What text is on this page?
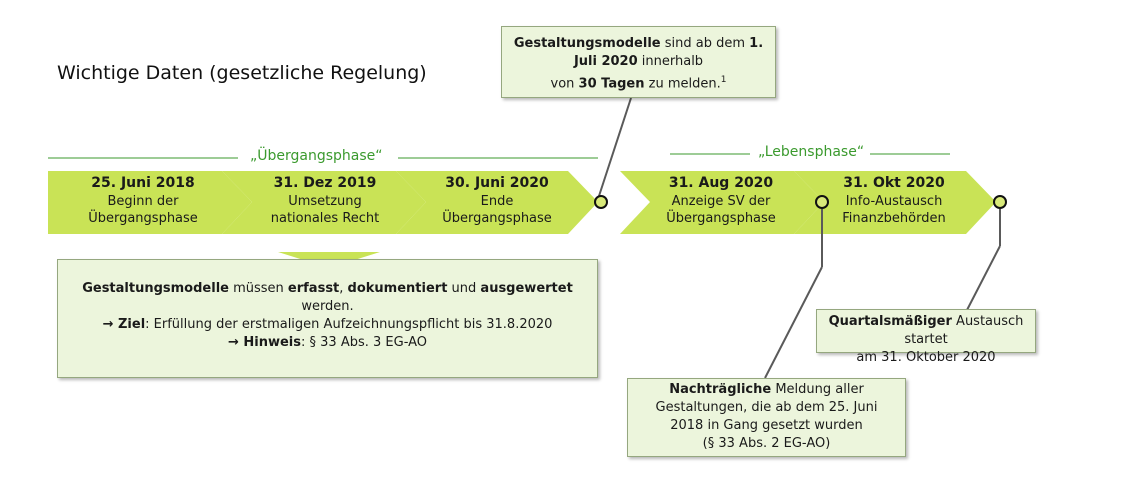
Wichtige Daten (gesetzliche Regelung)
„Übergangsphase“	„Lebensphase“
25. Juni 2018
Beginn der
Übergangsphase
31. Dez 2019
Umsetzung
nationales Recht
30. Juni 2020
Ende
Übergangsphase
31. Aug 2020
Anzeige SV der
Übergangsphase
31. Okt 2020
Info-Austausch
Finanzbehörden
Gestaltungsmodelle sind ab dem 1. Juli 2020 innerhalb
von 30 Tagen zu melden.$^1$
Gestaltungsmodelle müssen erfasst, dokumentiert und ausgewertet
werden.
→ Ziel: Erfüllung der erstmaligen Aufzeichnungspflicht bis 31.8.2020
→ Hinweis: § 33 Abs. 3 EG-AO
Quartalsmäßiger Austausch startet
am 31. Oktober 2020
Nachträgliche Meldung aller
Gestaltungen, die ab dem 25. Juni
2018 in Gang gesetzt wurden
(§ 33 Abs. 2 EG-AO)
